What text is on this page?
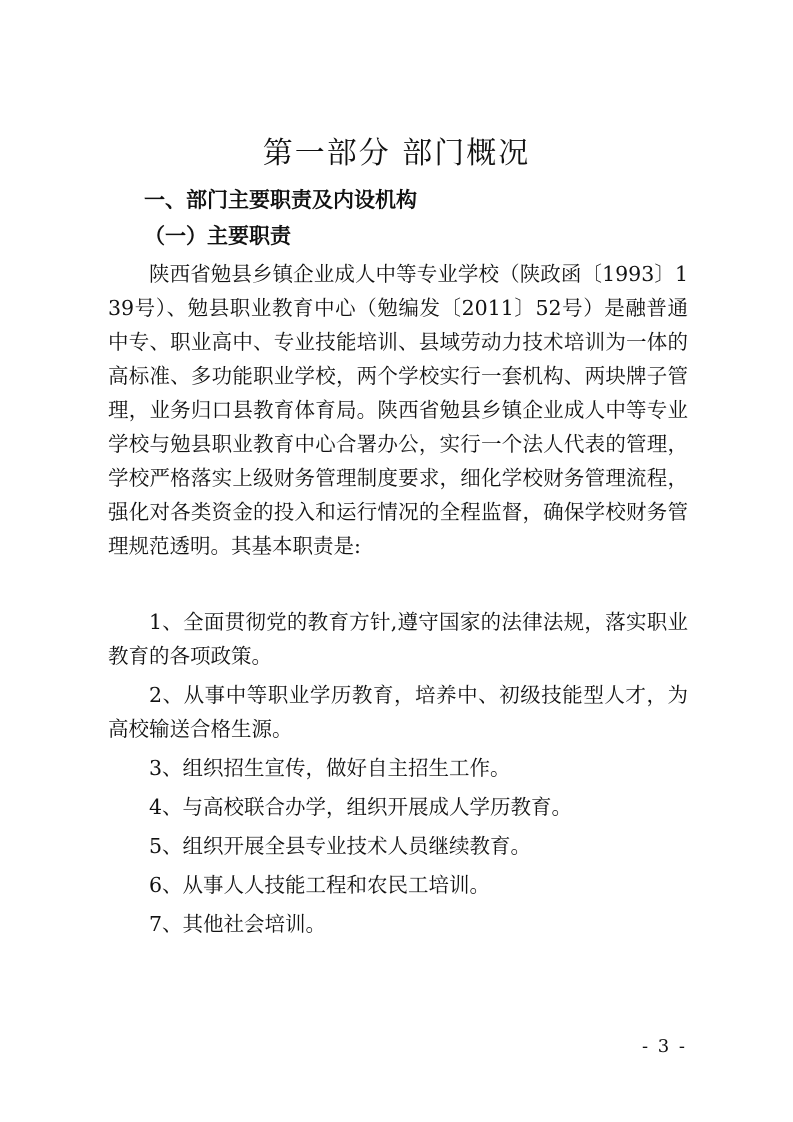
第一部分 部门概况
一、部门主要职责及内设机构
（一）主要职责
陕西省勉县乡镇企业成人中等专业学校（陕政函〔1993〕139号）、勉县职业教育中心（勉编发〔2011〕52号）是融普通中专、职业高中、专业技能培训、县域劳动力技术培训为一体的高标准、多功能职业学校，两个学校实行一套机构、两块牌子管理，业务归口县教育体育局。陕西省勉县乡镇企业成人中等专业学校与勉县职业教育中心合署办公，实行一个法人代表的管理，学校严格落实上级财务管理制度要求，细化学校财务管理流程，强化对各类资金的投入和运行情况的全程监督，确保学校财务管理规范透明。其基本职责是:
1、全面贯彻党的教育方针,遵守国家的法律法规，落实职业教育的各项政策。
2、从事中等职业学历教育，培养中、初级技能型人才，为高校输送合格生源。
3、组织招生宣传，做好自主招生工作。
4、与高校联合办学，组织开展成人学历教育。
5、组织开展全县专业技术人员继续教育。
6、从事人人技能工程和农民工培训。
7、其他社会培训。
- 3 -
